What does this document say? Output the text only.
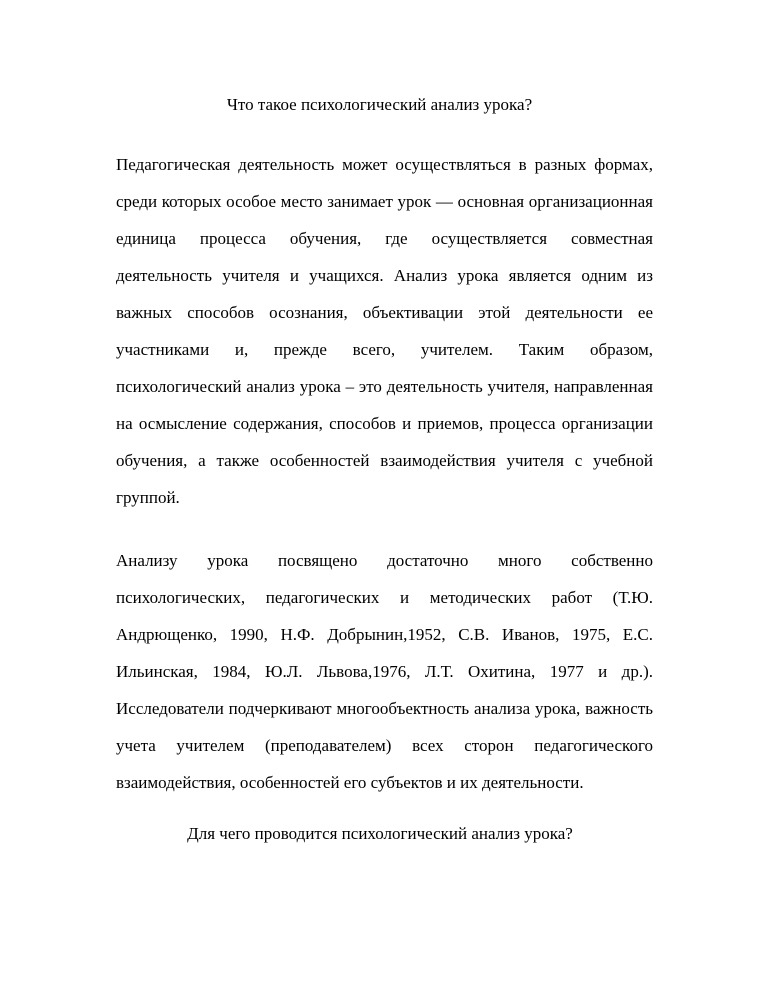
Что такое психологический анализ урока?

Педагогическая деятельность может осуществляться в разных формах, среди которых особое место занимает урок — основная организационная единица процесса обучения, где осуществляется совместная деятельность учителя и учащихся. Анализ урока является одним из важных способов осознания, объективации этой деятельности ее участниками и, прежде всего, учителем. Таким образом, психологический анализ урока – это деятельность учителя, направленная на осмысление содержания, способов и приемов, процесса организации обучения, а также особенностей взаимодействия учителя с учебной группой.

Анализу урока посвящено достаточно много собственно психологических, педагогических и методических работ (Т.Ю. Андрющенко, 1990, Н.Ф. Добрынин,1952, С.В. Иванов, 1975, Е.С. Ильинская, 1984, Ю.Л. Львова,1976, Л.Т. Охитина, 1977 и др.). Исследователи подчеркивают многообъектность анализа урока, важность учета учителем (преподавателем) всех сторон педагогического взаимодействия, особенностей его субъектов и их деятельности.

Для чего проводится психологический анализ урока?
